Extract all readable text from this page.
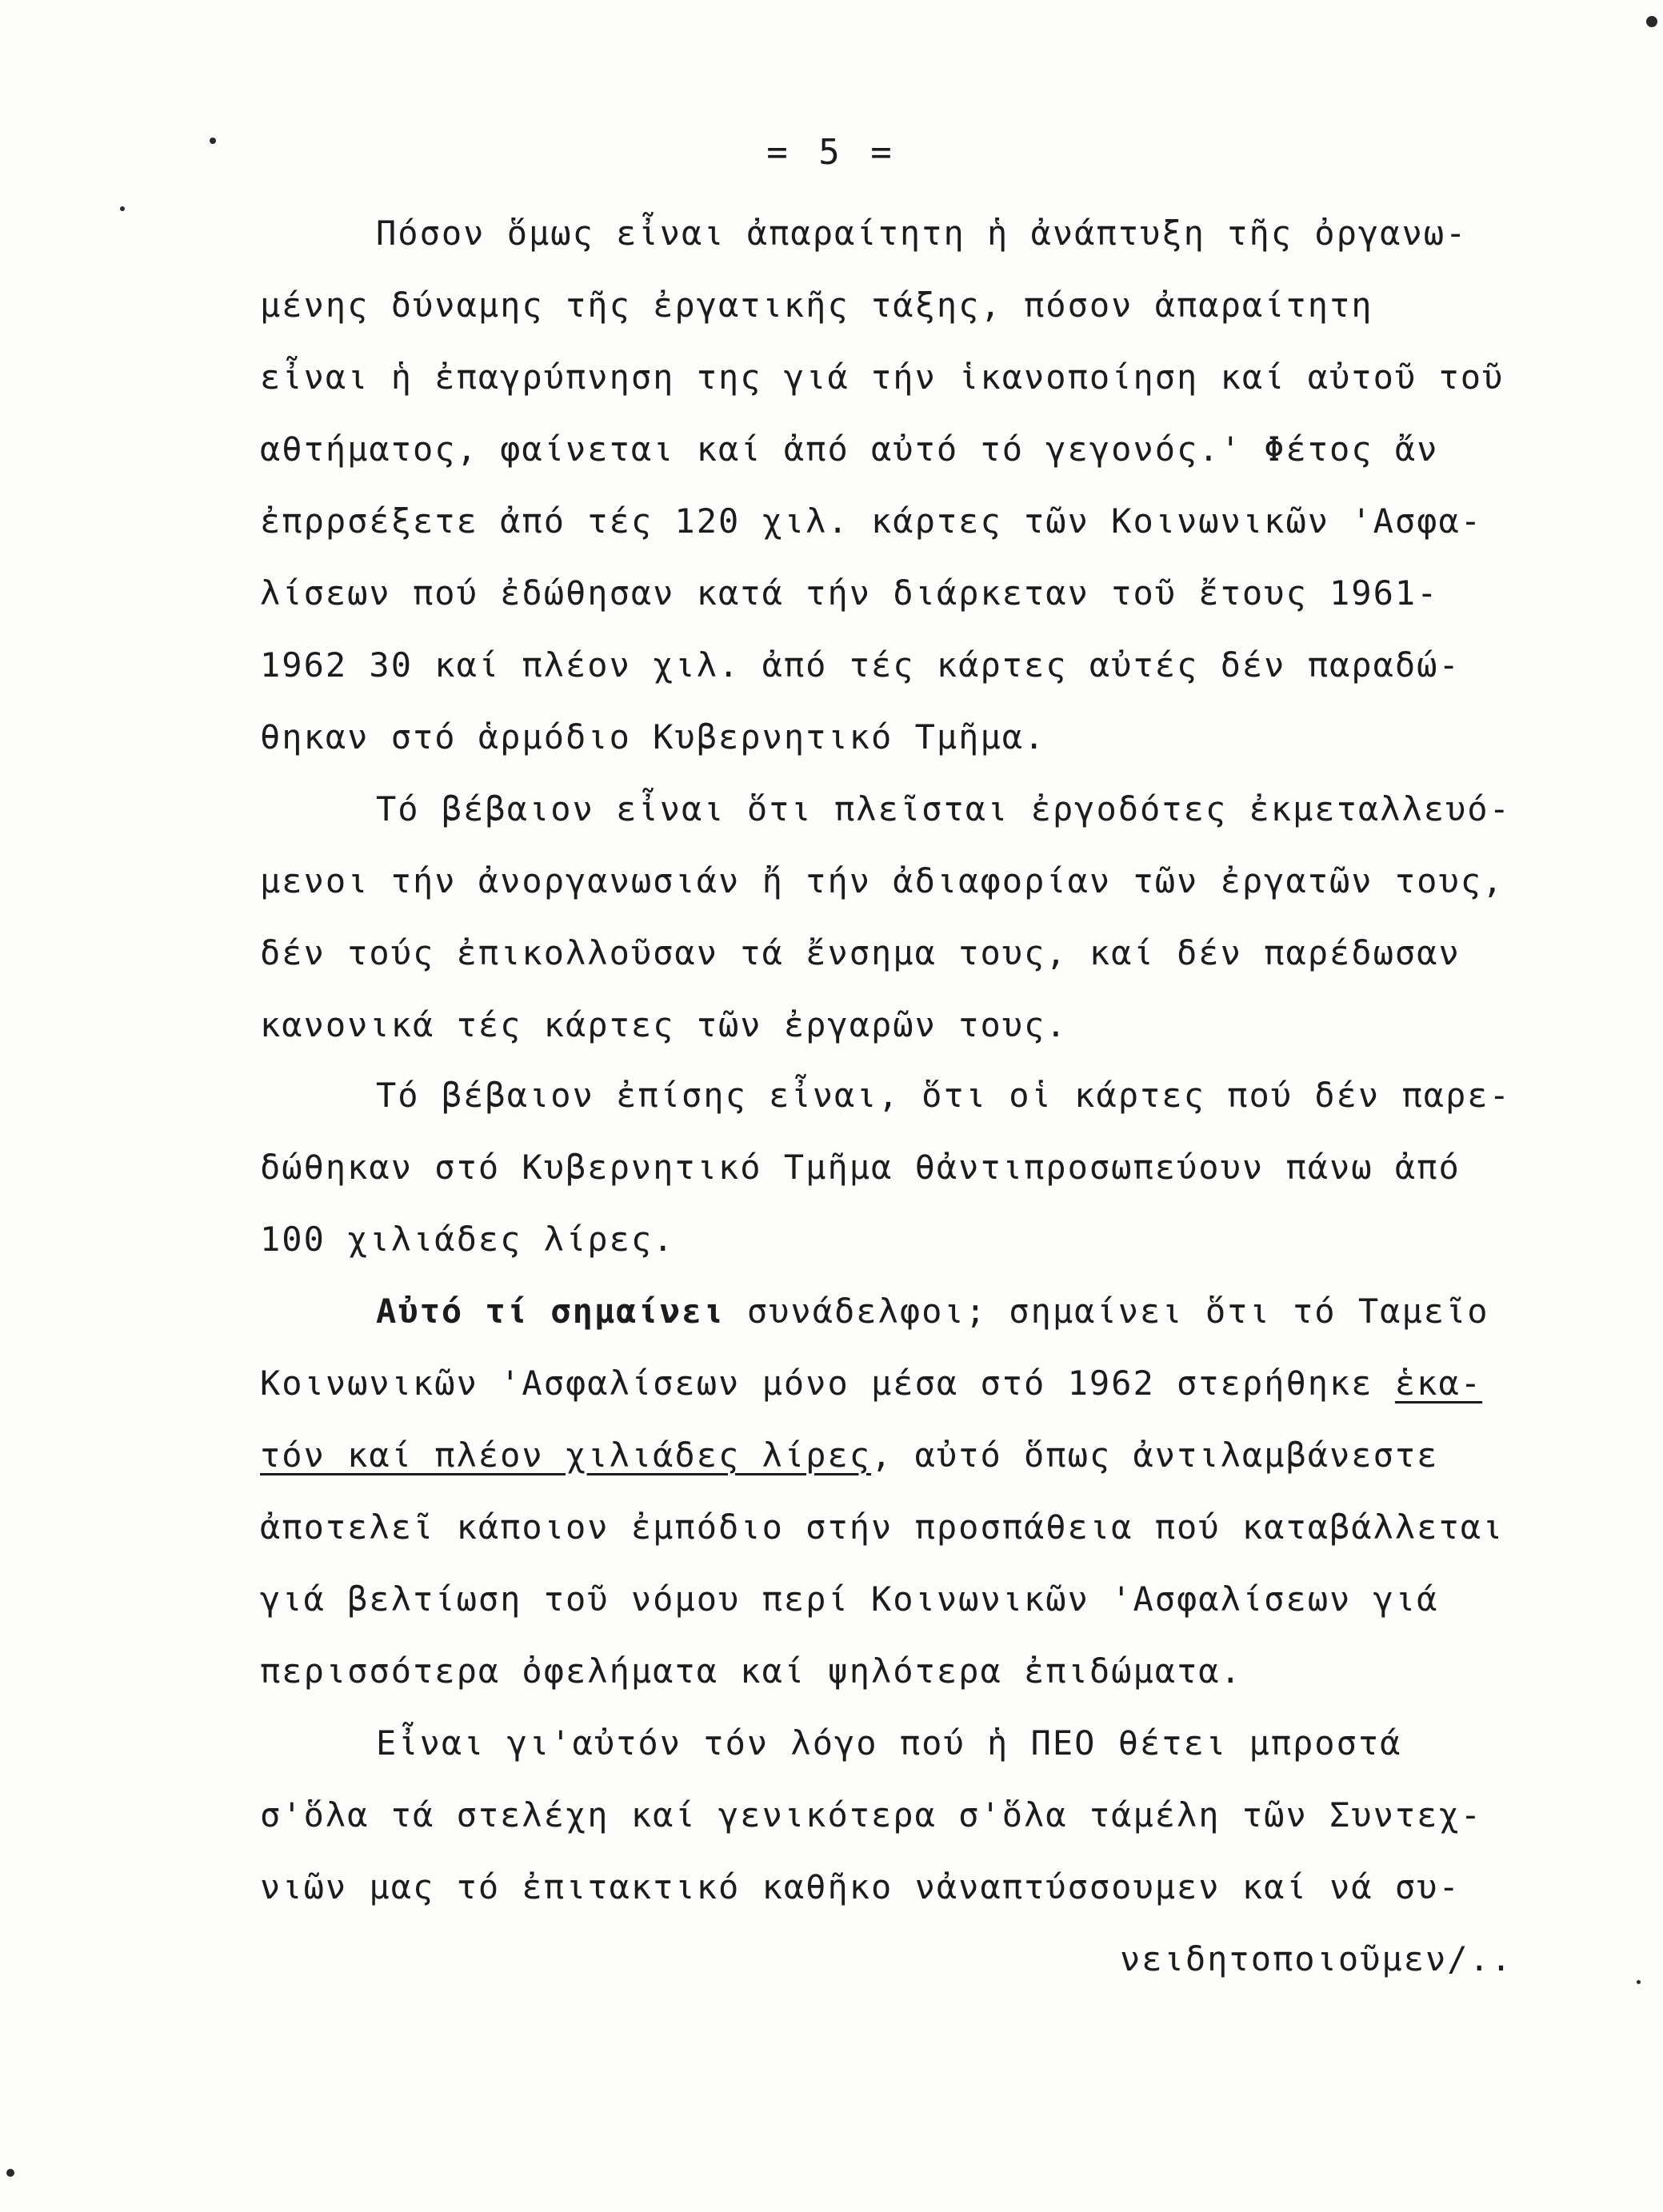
= 5 =
Πόσον ὅμως εἶναι ἀπαραίτητη ἡ ἀνάπτυξη τῆς ὀργανω-
μένης δύναμης τῆς ἐργατικῆς τάξης, πόσον ἀπαραίτητη
εἶναι ἡ ἐπαγρύπνηση της γιά τήν ἱκανοποίηση καί αὐτοῦ τοῦ
αθτήματος, φαίνεται καί ἀπό αὐτό τό γεγονός.' Φέτος ἄν
ἐπρρσέξετε ἀπό τές 120 χιλ. κάρτες τῶν Κοινωνικῶν 'Ασφα-
λίσεων πού ἐδώθησαν κατά τήν διάρκεταν τοῦ ἔτους 1961-
1962 30 καί πλέον χιλ. ἀπό τές κάρτες αὐτές δέν παραδώ-
θηκαν στό ἁρμόδιο Κυβερνητικό Τμῆμα.
Τό βέβαιον εἶναι ὅτι πλεῖσται ἐργοδότες ἐκμεταλλευό-
μενοι τήν ἀνοργανωσιάν ἤ τήν ἀδιαφορίαν τῶν ἐργατῶν τους,
δέν τούς ἐπικολλοῦσαν τά ἔνσημα τους, καί δέν παρέδωσαν
κανονικά τές κάρτες τῶν ἐργαρῶν τους.
Τό βέβαιον ἐπίσης εἶναι, ὅτι οἱ κάρτες πού δέν παρε-
δώθηκαν στό Κυβερνητικό Τμῆμα θἀντιπροσωπεύουν πάνω ἀπό
100 χιλιάδες λίρες.
Αὐτό τί σημαίνει συνάδελφοι; σημαίνει ὅτι τό Ταμεῖο
Κοινωνικῶν 'Ασφαλίσεων μόνο μέσα στό 1962 στερήθηκε ἑκα-
τόν καί πλέον χιλιάδες λίρες, αὐτό ὅπως ἀντιλαμβάνεστε
ἀποτελεῖ κάποιον ἐμπόδιο στήν προσπάθεια πού καταβάλλεται
γιά βελτίωση τοῦ νόμου περί Κοινωνικῶν 'Ασφαλίσεων γιά
περισσότερα ὀφελήματα καί ψηλότερα ἐπιδώματα.
Εἶναι γι'αὐτόν τόν λόγο πού ἡ ΠΕΟ θέτει μπροστά
σ'ὅλα τά στελέχη καί γενικότερα σ'ὅλα τάμέλη τῶν Συντεχ-
νιῶν μας τό ἐπιτακτικό καθῆκο νἀναπτύσσουμεν καί νά συ-
νειδητοποιοῦμεν/..
